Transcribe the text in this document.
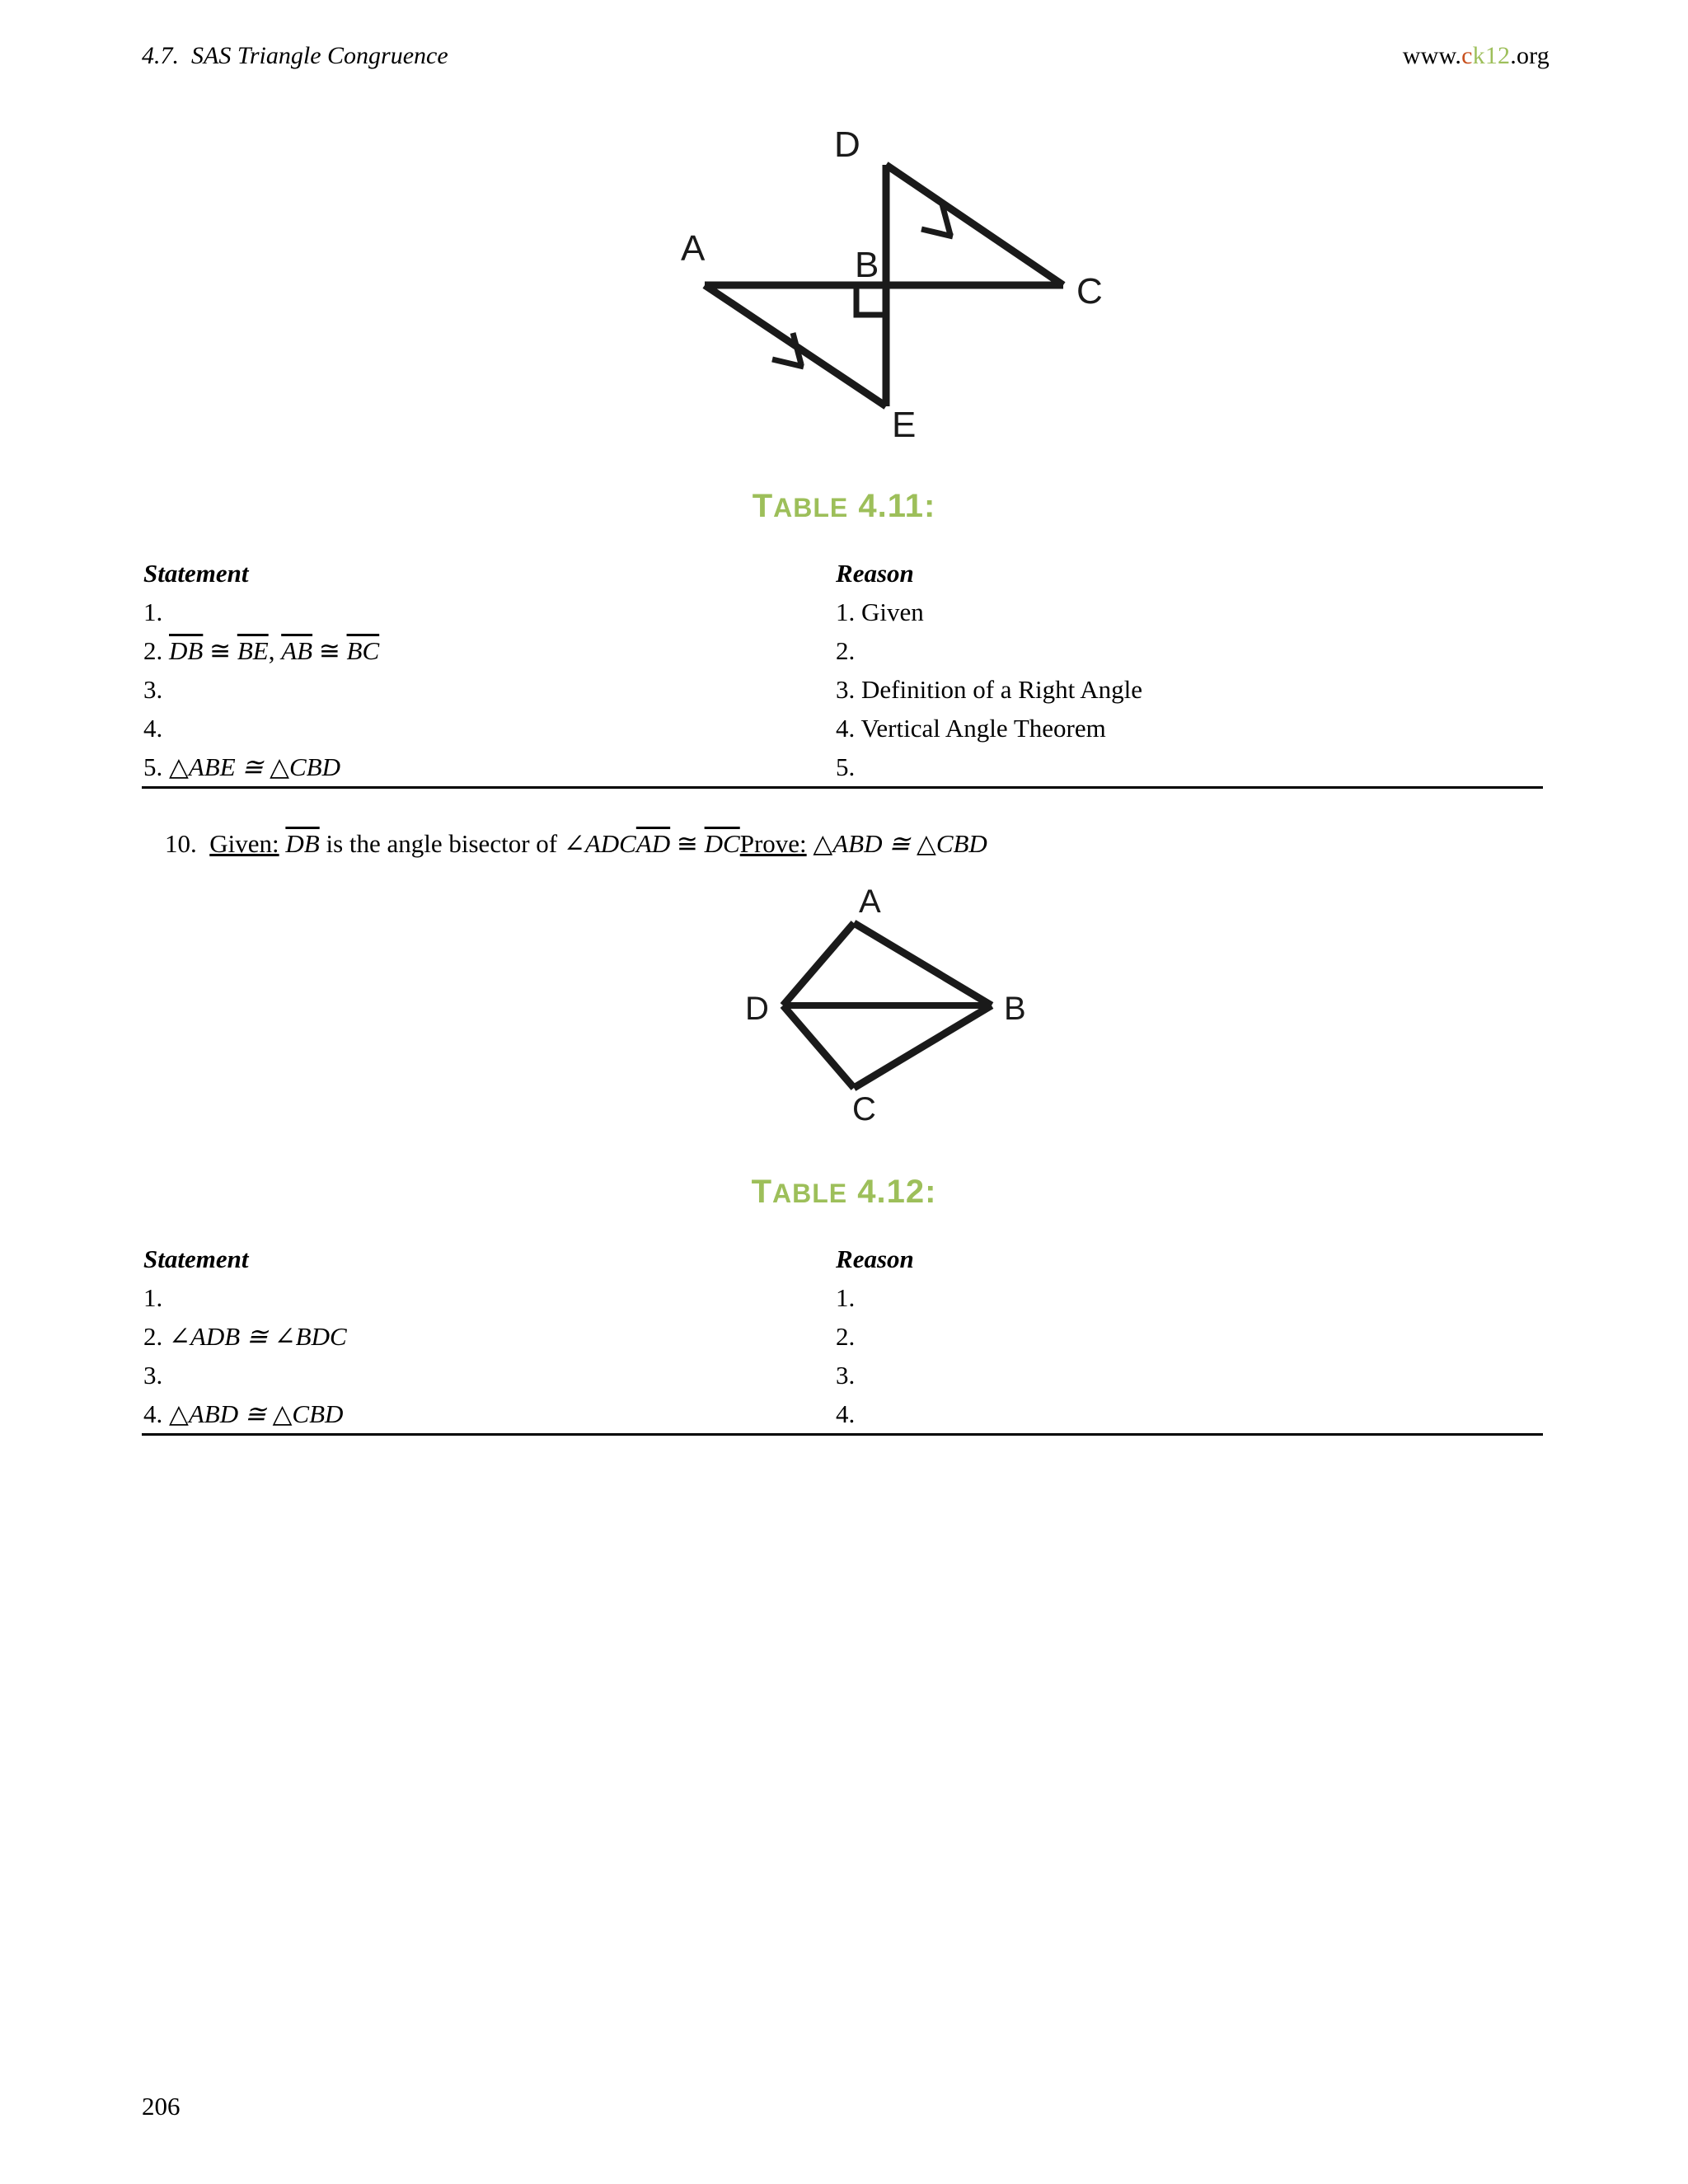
4.7.  SAS Triangle Congruence	www.ck12.org
D
A	B
C
E
TABLE 4.11:
Statement	Reason
1.	1. Given
2. $\overline{DB}$ ≅ $\overline{BE}$, $\overline{AB}$ ≅ $\overline{BC}$	2.
3.	3. Definition of a Right Angle
4.	4. Vertical Angle Theorem
5. △ABE ≅ △CBD	5.
10. Given: $\overline{DB}$ is the angle bisector of $\angle ADC\overline{AD}$ ≅ $\overline{DC}Prove$: △ABD ≅ △CBD
A
D	B
C
TABLE 4.12:
Statement	Reason
1.	1.
2. ∠ADB ≅ ∠BDC	2.
3.	3.
4. △ABD ≅ △CBD	4.
206
